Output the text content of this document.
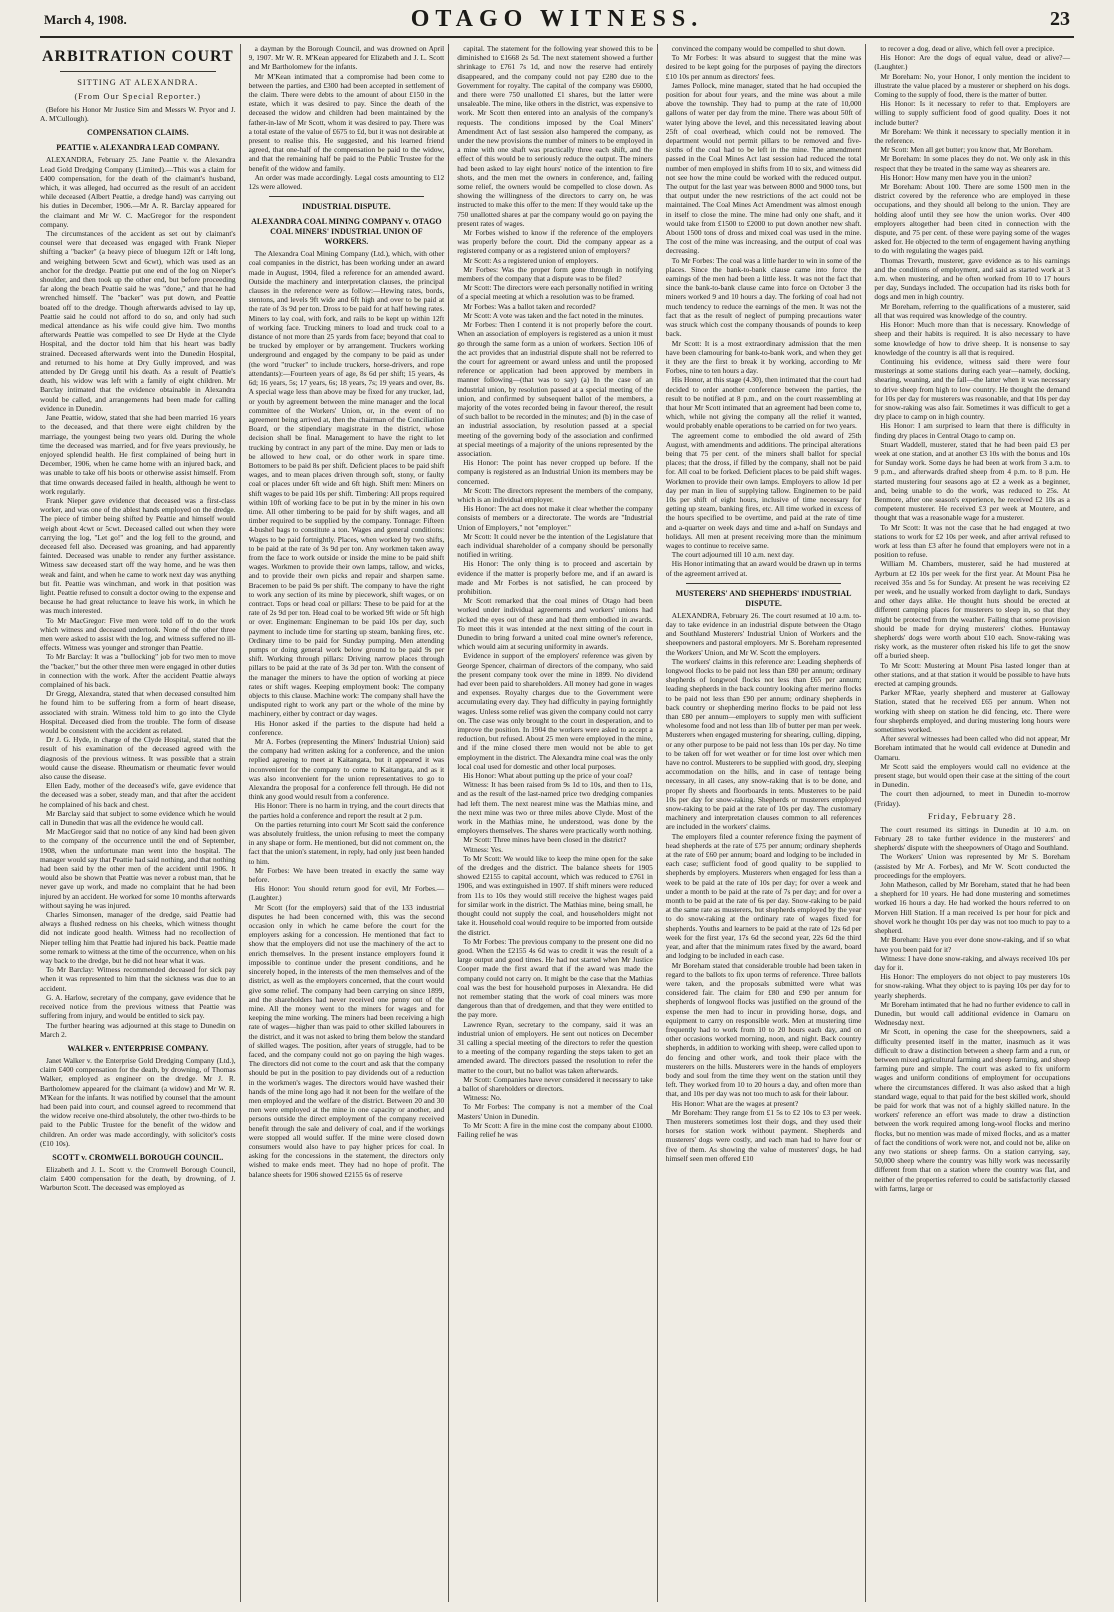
March 4, 1908.	OTAGO WITNESS.	23
ARBITRATION COURT
SITTING AT ALEXANDRA.
(From Our Special Reporter.)

(Before his Honor Mr Justice Sim and Messrs W. Pryor and J. A. M'Cullough).

COMPENSATION CLAIMS.
PEATTIE v. ALEXANDRA LEAD COMPANY.

ALEXANDRA, February 25. Jane Peattie v. the Alexandra Lead Gold Dredging Company (Limited).—This was a claim for £400 compensation, for the death of the claimant's husband, which, it was alleged, had occurred as the result of an accident while deceased (Albert Peattie, a dredge hand) was carrying out his duties in December, 1906.—Mr A. R. Barclay appeared for the claimant and Mr W. C. MacGregor for the respondent company.

The circumstances of the accident as set out by claimant's counsel were that deceased was engaged with Frank Nieper shifting a "backer" (a heavy piece of bluegum 12ft or 14ft long, and weighing between 5cwt and 6cwt), which was used as an anchor for the dredge. Peattie put one end of the log on Nieper's shoulder, and then took up the other end, but before proceeding far along the beach Peattie said he was "done," and that he had wrenched himself. The "backer" was put down, and Peattie boated off to the dredge. Though afterwards advised to lay up, Peattie said he could not afford to do so, and only had such medical attendance as his wife could give him. Two months afterwards Peattie was compelled to see Dr Hyde at the Clyde Hospital, and the doctor told him that his heart was badly strained. Deceased afterwards went into the Dunedin Hospital, and returned to his home at Dry Gully improved, and was attended by Dr Gregg until his death. As a result of Peattie's death, his widow was left with a family of eight children. Mr Barclay intimated that the evidence obtainable in Alexandra would be called, and arrangements had been made for calling evidence in Dunedin.

Jane Peattie, widow, stated that she had been married 16 years to the deceased, and that there were eight children by the marriage, the youngest being two years old. During the whole time the deceased was married, and for five years previously, he enjoyed splendid health. He first complained of being hurt in December, 1906, when he came home with an injured back, and was unable to take off his boots or otherwise assist himself. From that time onwards deceased failed in health, although he went to work regularly.

Frank Nieper gave evidence that deceased was a first-class worker, and was one of the ablest hands employed on the dredge. The piece of timber being shifted by Peattie and himself would weigh about 4cwt or 5cwt. Deceased called out when they were carrying the log, "Let go!" and the log fell to the ground, and deceased fell also. Deceased was groaning, and had apparently fainted. Deceased was unable to render any further assistance. Witness saw deceased start off the way home, and he was then weak and faint, and when he came to work next day was anything but fit. Peattie was winchman, and work in that position was light. Peattie refused to consult a doctor owing to the expense and because he had great reluctance to leave his work, in which he was much interested.

To Mr MacGregor: Five men were told off to do the work which witness and deceased undertook. None of the other three men were asked to assist with the log, and witness suffered no ill-effects. Witness was younger and stronger than Peattie.

To Mr Barclay: It was a "bullocking" job for two men to move the "backer," but the other three men were engaged in other duties in connection with the work. After the accident Peattie always complained of his back.

Dr Gregg, Alexandra, stated that when deceased consulted him he found him to be suffering from a form of heart disease, associated with strain. Witness told him to go into the Clyde Hospital. Deceased died from the trouble. The form of disease would be consistent with the accident as related.

Dr J. G. Hyde, in charge of the Clyde Hospital, stated that the result of his examination of the deceased agreed with the diagnosis of the previous witness. It was possible that a strain would cause the disease. Rheumatism or rheumatic fever would also cause the disease.

Ellen Eady, mother of the deceased's wife, gave evidence that the deceased was a sober, steady man, and that after the accident he complained of his back and chest.

Mr Barclay said that subject to some evidence which he would call in Dunedin that was all the evidence he would call.

Mr MacGregor said that no notice of any kind had been given to the company of the occurrence until the end of September, 1908, when the unfortunate man went into the hospital. The manager would say that Peattie had said nothing, and that nothing had been said by the other men of the accident until 1906. It would also be shown that Peattie was never a robust man, that he never gave up work, and made no complaint that he had been injured by an accident. He worked for some 10 months afterwards without saying he was injured.

Charles Simonsen, manager of the dredge, said Peattie had always a flushed redness on his cheeks, which witness thought did not indicate good health. Witness had no recollection of Nieper telling him that Peattie had injured his back. Peattie made some remark to witness at the time of the occurrence, when on his way back to the dredge, but he did not hear what it was.

To Mr Barclay: Witness recommended deceased for sick pay when it was represented to him that the sickness was due to an accident.

G. A. Harlow, secretary of the company, gave evidence that he received notice from the previous witness that Peattie was suffering from injury, and would be entitled to sick pay.

The further hearing was adjourned at this stage to Dunedin on March 2.

WALKER v. ENTERPRISE COMPANY.

Janet Walker v. the Enterprise Gold Dredging Company (Ltd.), claim £400 compensation for the death, by drowning, of Thomas Walker, employed as engineer on the dredge. Mr J. R. Bartholomew appeared for the claimant (a widow) and Mr W. R. M'Kean for the infants. It was notified by counsel that the amount had been paid into court, and counsel agreed to recommend that the widow receive one-third absolutely, the other two-thirds to be paid to the Public Trustee for the benefit of the widow and children. An order was made accordingly, with solicitor's costs (£10 10s).

SCOTT v. CROMWELL BOROUGH COUNCIL.

Elizabeth and J. L. Scott v. the Cromwell Borough Council, claim £400 compensation for the death, by drowning, of J. Warburton Scott. The deceased was employed as

a dayman by the Borough Council, and was drowned on April 9, 1907. Mr W. R. M'Kean appeared for Elizabeth and J. L. Scott and Mr Bartholomew for the infants.

Mr M'Kean intimated that a compromise had been come to between the parties, and £300 had been accepted in settlement of the claim. There were debts to the amount of about £150 in the estate, which it was desired to pay. Since the death of the deceased the widow and children had been maintained by the father-in-law of Mr Scott, whom it was desired to pay. There was a total estate of the value of £675 to £d, but it was not desirable at present to realise this. He suggested, and his learned friend agreed, that one-half of the compensation be paid to the widow, and that the remaining half be paid to the Public Trustee for the benefit of the widow and family.

An order was made accordingly. Legal costs amounting to £12 12s were allowed.

INDUSTRIAL DISPUTE.
ALEXANDRA COAL MINING COMPANY v. OTAGO COAL MINERS' INDUSTRIAL UNION OF WORKERS.

The Alexandra Coal Mining Company (Ltd.), which, with other coal companies in the district, has been working under an award made in August, 1904, filed a reference for an amended award. Outside the machinery and interpretation clauses, the principal clauses in the reference were as follow:—Hewing rates, bords, stentons, and levels 9ft wide and 6ft high and over to be paid at the rate of 3s 9d per ton. Dross to be paid for at half hewing rates. Miners to lay coal, with fork, and rails to be kept up within 12ft of working face. Trucking miners to load and truck coal to a distance of not more than 25 yards from face; beyond that coal to be trucked by employer or by arrangement. Truckers working underground and engaged by the company to be paid as under (the word "trucker" to include truckers, horse-drivers, and rope attendants):—Fourteen years of age, 8s 6d per shift; 15 years, 4s 6d; 16 years, 5s; 17 years, 6s; 18 years, 7s; 19 years and over, 8s. A special wage less than above may be fixed for any trucker, lad, or youth by agreement between the mine manager and the local committee of the Workers' Union, or, in the event of no agreement being arrived at, then the chairman of the Conciliation Board, or the stipendiary magistrate in the district, whose decision shall be final. Management to have the right to let trucking by contract in any part of the mine. Day men or lads to be allowed to hew coal, or do other work in spare time. Bottomers to be paid 8s per shift. Deficient places to be paid shift wages, and to mean places driven through soft, stony, or faulty coal or places under 6ft wide and 6ft high. Shift men: Miners on shift wages to be paid 10s per shift. Timbering: All props required within 10ft of working face to be put in by the miner in his own time. All other timbering to be paid for by shift wages, and all timber required to be supplied by the company. Tonnage: Fifteen 4-bushel bags to constitute a ton. Wages and general conditions: Wages to be paid fortnightly. Places, when worked by two shifts, to be paid at the rate of 3s 9d per ton. Any workmen taken away from the face to work outside or inside the mine to be paid shift wages. Workmen to provide their own lamps, tallow, and wicks, and to provide their own picks and repair and sharpen same. Bracemen to be paid 9s per shift. The company to have the right to work any section of its mine by piecework, shift wages, or on contract. Tops or head coal or pillars: These to be paid for at the rate of 2s 9d per ton. Head coal to be worked 9ft wide or 5ft high or over. Engineman: Engineman to be paid 10s per day, such payment to include time for starting up steam, banking fires, etc. Ordinary time to be paid for Sunday pumping. Men attending pumps or doing general work below ground to be paid 9s per shift. Working through pillars: Driving narrow places through pillars to be paid at the rate of 3s 3d per ton. With the consent of the manager the miners to have the option of working at piece rates or shift wages. Keeping employment book: The company objects to this clause. Machine work: The company shall have the undisputed right to work any part or the whole of the mine by machinery, either by contract or day wages.

His Honor asked if the parties to the dispute had held a conference.

Mr A. Forbes (representing the Miners' Industrial Union) said the company had written asking for a conference, and the union replied agreeing to meet at Kaitangata, but it appeared it was inconvenient for the company to come to Kaitangata, and as it was also inconvenient for the union representatives to go to Alexandra the proposal for a conference fell through. He did not think any good would result from a conference.

His Honor: There is no harm in trying, and the court directs that the parties hold a conference and report the result at 2 p.m.

On the parties returning into court Mr Scott said the conference was absolutely fruitless, the union refusing to meet the company in any shape or form. He mentioned, but did not comment on, the fact that the union's statement, in reply, had only just been handed to him.

Mr Forbes: We have been treated in exactly the same way before.

His Honor: You should return good for evil, Mr Forbes.—(Laughter.)

Mr Scott (for the employers) said that of the 133 industrial disputes he had been concerned with, this was the second occasion only in which he came before the court for the employers asking for a concession. He mentioned that fact to show that the employers did not use the machinery of the act to enrich themselves. In the present instance employers found it impossible to continue under the present conditions, and he sincerely hoped, in the interests of the men themselves and of the district, as well as the employers concerned, that the court would give some relief. The company had been carrying on since 1899, and the shareholders had never received one penny out of the mine. All the money went to the miners for wages and for keeping the mine working. The miners had been receiving a high rate of wages—higher than was paid to other skilled labourers in the district, and it was not asked to bring them below the standard of skilled wages. The position, after years of struggle, had to be faced, and the company could not go on paying the high wages. The directors did not come to the court and ask that the company should be put in the position to pay dividends out of a reduction in the workmen's wages. The directors would have washed their hands of the mine long ago had it not been for the welfare of the men employed and the welfare of the district. Between 20 and 30 men were employed at the mine in one capacity or another, and persons outside the direct employment of the company received benefit through the sale and delivery of coal, and if the workings were stopped all would suffer. If the mine were closed down consumers would also have to pay higher prices for coal. In asking for the concessions in the statement, the directors only wished to make ends meet. They had no hope of profit. The balance sheets for 1906 showed £2155 6s of reserve

capital. The statement for the following year showed this to be diminished to £1668 2s 5d. The next statement showed a further shrinkage to £761 7s 1d, and now the reserve had entirely disappeared, and the company could not pay £280 due to the Government for royalty. The capital of the company was £6000, and there were 750 unallotted £1 shares, but the latter were unsaleable. The mine, like others in the district, was expensive to work. Mr Scott then entered into an analysis of the company's requests. The conditions imposed by the Coal Miners' Amendment Act of last session also hampered the company, as under the new provisions the number of miners to be employed in a mine with one shaft was practically three each shift, and the effect of this would be to seriously reduce the output. The miners had been asked to lay eight hours' notice of the intention to fire shots, and the men met the owners in conference, and, failing some relief, the owners would be compelled to close down. As showing the willingness of the directors to carry on, he was instructed to make this offer to the men: If they would take up the 750 unallotted shares at par the company would go on paying the present rates of wages.

Mr Forbes wished to know if the reference of the employers was properly before the court. Did the company appear as a registered company or as a registered union of employers?

Mr Scott: As a registered union of employers.

Mr Forbes: Was the proper form gone through in notifying members of the company that a dispute was to be filed?

Mr Scott: The directors were each personally notified in writing of a special meeting at which a resolution was to be framed.

Mr Forbes: Was a ballot taken and recorded?

Mr Scott: A vote was taken and the fact noted in the minutes.

Mr Forbes: Then I contend it is not properly before the court. When an association of employers is registered as a union it must go through the same form as a union of workers. Section 106 of the act provides that an industrial dispute shall not be referred to the court for agreement or award unless and until the proposed reference or application had been approved by members in manner following—(that was to say) (a) In the case of an industrial union, by resolution passed at a special meeting of the union, and confirmed by subsequent ballot of the members, a majority of the votes recorded being in favour thereof, the result of such ballot to be recorded in the minutes; and (b) in the case of an industrial association, by resolution passed at a special meeting of the governing body of the association and confirmed at special meetings of a majority of the unions represented by the association.

His Honor: The point has never cropped up before. If the company is registered as an Industrial Union its members may be concerned.

Mr Scott: The directors represent the members of the company, which is an individual employer.

His Honor: The act does not make it clear whether the company consists of members or a directorate. The words are "Industrial Union of Employers," not "employer."

Mr Scott: It could never be the intention of the Legislature that each individual shareholder of a company should be personally notified in writing.

His Honor: The only thing is to proceed and ascertain by evidence if the matter is properly before me, and if an award is made and Mr Forbes is not satisfied, he can proceed by prohibition.

Mr Scott remarked that the coal mines of Otago had been worked under individual agreements and workers' unions had picked the eyes out of these and had them embodied in awards. To meet this it was intended at the next sitting of the court in Dunedin to bring forward a united coal mine owner's reference, which would aim at securing uniformity in awards.

Evidence in support of the employers' reference was given by George Spencer, chairman of directors of the company, who said the present company took over the mine in 1899. No dividend had ever been paid to shareholders. All money had gone in wages and expenses. Royalty charges due to the Government were accumulating every day. They had difficulty in paying fortnightly wages. Unless some relief was given the company could not carry on. The case was only brought to the court in desperation, and to improve the position. In 1904 the workers were asked to accept a reduction, but refused. About 25 men were employed in the mine, and if the mine closed there men would not be able to get employment in the district. The Alexandra mine coal was the only local coal used for domestic and other local purposes.

His Honor: What about putting up the price of your coal?

Witness: It has been raised from 9s 1d to 10s, and then to 11s, and as the result of the last-named price two dredging companies had left them. The next nearest mine was the Mathias mine, and the next mine was two or three miles above Clyde. Most of the work in the Mathias mine, he understood, was done by the employers themselves. The shares were practically worth nothing.

Mr Scott: Three mines have been closed in the district?

Witness: Yes.

To Mr Scott: We would like to keep the mine open for the sake of the dredges and the district. The balance sheets for 1905 showed £2155 to capital account, which was reduced to £761 in 1906, and was extinguished in 1907. If shift miners were reduced from 11s to 10s they would still receive the highest wages paid for similar work in the district. The Mathias mine, being small, he thought could not supply the coal, and householders might not take it. Household coal would require to be imported from outside the district.

To Mr Forbes: The previous company to the present one did no good. When the £2155 4s 6d was to credit it was the result of a large output and good times. He had not started when Mr Justice Cooper made the first award that if the award was made the company could not carry on. It might be the case that the Mathias coal was the best for household purposes in Alexandra. He did not remember stating that the work of coal miners was more dangerous than that of dredgemen, and that they were entitled to the pay more.

Lawrence Ryan, secretary to the company, said it was an industrial union of employers. He sent out notices on December 31 calling a special meeting of the directors to refer the question to a meeting of the company regarding the steps taken to get an amended award. The directors passed the resolution to refer the matter to the court, but no ballot was taken afterwards.

Mr Scott: Companies have never considered it necessary to take a ballot of shareholders or directors.

Witness: No.

To Mr Forbes: The company is not a member of the Coal Masters' Union in Dunedin.

To Mr Scott: A fire in the mine cost the company about £1000. Failing relief he was

convinced the company would be compelled to shut down.

To Mr Forbes: It was absurd to suggest that the mine was desired to be kept going for the purposes of paying the directors £10 10s per annum as directors' fees.

James Pollock, mine manager, stated that he had occupied the position for about four years, and the mine was about a mile above the township. They had to pump at the rate of 10,000 gallons of water per day from the mine. There was about 50ft of water lying above the level, and this necessitated leaving about 25ft of coal overhead, which could not be removed. The department would not permit pillars to be removed and five-sixths of the coal had to be left in the mine. The amendment passed in the Coal Mines Act last session had reduced the total number of men employed in shifts from 10 to six, and witness did not see how the mine could be worked with the reduced output. The output for the last year was between 8000 and 9000 tons, but that output under the new restrictions of the act could not be maintained. The Coal Mines Act Amendment was almost enough in itself to close the mine. The mine had only one shaft, and it would take from £1500 to £2000 to put down another new shaft. About 1500 tons of dross and mixed coal was used in the mine. The cost of the mine was increasing, and the output of coal was decreasing.

To Mr Forbes: The coal was a little harder to win in some of the places. Since the bank-to-bank clause came into force the earnings of the men had been a little less. It was not the fact that since the bank-to-bank clause came into force on October 3 the miners worked 9 and 10 hours a day. The forking of coal had not much tendency to reduce the earnings of the men. It was not the fact that as the result of neglect of pumping precautions water was struck which cost the company thousands of pounds to keep back.

Mr Scott: It is a most extraordinary admission that the men have been clamouring for bank-to-bank work, and when they get it they are the first to break it by working, according to Mr Forbes, nine to ten hours a day.

His Honor, at this stage (4.30), then intimated that the court had decided to order another conference between the parties, the result to be notified at 8 p.m., and on the court reassembling at that hour Mr Scott intimated that an agreement had been come to, which, while not giving the company all the relief it wanted, would probably enable operations to be carried on for two years.

The agreement come to embodied the old award of 25th August, with amendments and additions. The principal alterations being that 75 per cent. of the miners shall ballot for special places; that the dross, if filled by the company, shall not be paid for. All coal to be forked. Deficient places to be paid shift wages. Workmen to provide their own lamps. Employers to allow 1d per day per man in lieu of supplying tallow. Enginemen to be paid 10s per shift of eight hours, inclusive of time necessary for getting up steam, banking fires, etc. All time worked in excess of the hours specified to be overtime, and paid at the rate of time and a-quarter on week days and time and a-half on Sundays and holidays. All men at present receiving more than the minimum wages to continue to receive same.

The court adjourned till 10 a.m. next day.

His Honor intimating that an award would be drawn up in terms of the agreement arrived at.

MUSTERERS' AND SHEPHERDS' INDUSTRIAL DISPUTE.

ALEXANDRA, February 26. The court resumed at 10 a.m. to-day to take evidence in an industrial dispute between the Otago and Southland Musterers' Industrial Union of Workers and the sheepowners and pastoral employers. Mr S. Boreham represented the Workers' Union, and Mr W. Scott the employers.

The workers' claims in this reference are: Leading shepherds of longwool flocks to be paid not less than £80 per annum; ordinary shepherds of longwool flocks not less than £65 per annum; leading shepherds in the back country looking after merino flocks to be paid not less than £90 per annum; ordinary shepherds in back country or shepherding merino flocks to be paid not less than £80 per annum—employers to supply men with sufficient wholesome food and not less than 1lb of butter per man per week. Musterers when engaged mustering for shearing, culling, dipping, or any other purpose to be paid not less than 10s per day. No time to be taken off for wet weather or for time lost over which men have no control. Musterers to be supplied with good, dry, sleeping accommodation on the hills, and in case of tentage being necessary, in all cases, any snow-raking that is to be done, and proper fly sheets and floorboards in tents. Musterers to be paid 10s per day for snow-raking. Shepherds or musterers employed snow-raking to be paid at the rate of 10s per day. The customary machinery and interpretation clauses common to all references are included in the workers' claims.

The employers filed a counter reference fixing the payment of head shepherds at the rate of £75 per annum; ordinary shepherds at the rate of £60 per annum; board and lodging to be included in each case; sufficient food of good quality to be supplied to shepherds by employers. Musterers when engaged for less than a week to be paid at the rate of 10s per day; for over a week and under a month to be paid at the rate of 7s per day; and for over a month to be paid at the rate of 6s per day. Snow-raking to be paid at the same rate as musterers, but shepherds employed by the year to do snow-raking at the ordinary rate of wages fixed for shepherds. Youths and learners to be paid at the rate of 12s 6d per week for the first year, 17s 6d the second year, 22s 6d the third year, and after that the minimum rates fixed by the award, board and lodging to be included in each case.

Mr Boreham stated that considerable trouble had been taken in regard to the ballots to fix upon terms of reference. Three ballots were taken, and the proposals submitted were what was considered fair. The claim for £80 and £90 per annum for shepherds of longwool flocks was justified on the ground of the expense the men had to incur in providing horse, dogs, and equipment to carry on responsible work. Men at mustering time frequently had to work from 10 to 20 hours each day, and on other occasions worked morning, noon, and night. Back country shepherds, in addition to working with sheep, were called upon to do fencing and other work, and took their place with the musterers on the hills. Musterers were in the hands of employers body and soul from the time they went on the station until they left. They worked from 10 to 20 hours a day, and often more than that, and 10s per day was not too much to ask for their labour.

His Honor: What are the wages at present?

Mr Boreham: They range from £1 5s to £2 10s to £3 per week. Then musterers sometimes lost their dogs, and they used their horses for station work without payment. Shepherds and musterers' dogs were costly, and each man had to have four or five of them. As showing the value of musterers' dogs, he had himself seen men offered £10

to recover a dog, dead or alive, which fell over a precipice.

His Honor: Are the dogs of equal value, dead or alive?—(Laughter.)

Mr Boreham: No, your Honor, I only mention the incident to illustrate the value placed by a musterer or shepherd on his dogs. Coming to the supply of food, there is the matter of butter.

His Honor: Is it necessary to refer to that. Employers are willing to supply sufficient food of good quality. Does it not include butter?

Mr Boreham: We think it necessary to specially mention it in the reference.

Mr Scott: Men all get butter; you know that, Mr Boreham.

Mr Boreham: In some places they do not. We only ask in this respect that they be treated in the same way as shearers are.

His Honor: How many men have you in the union?

Mr Boreham: About 100. There are some 1500 men in the district covered by the reference who are employed in these occupations, and they should all belong to the union. They are holding aloof until they see how the union works. Over 400 employers altogether had been cited in connection with the dispute, and 75 per cent. of these were paying some of the wages asked for. He objected to the term of engagement having anything to do with regulating the wages paid.

Thomas Trevarth, musterer, gave evidence as to his earnings and the conditions of employment, and said as started work at 3 a.m. when mustering, and he often worked from 10 to 17 hours per day, Sundays included. The occupation had its risks both for dogs and men in high country.

Mr Boreham, referring to the qualifications of a musterer, said all that was required was knowledge of the country.

His Honor: Much more than that is necessary. Knowledge of sheep and their habits is required. It is also necessary to have some knowledge of how to drive sheep. It is nonsense to say knowledge of the country is all that is required.

Continuing his evidence, witness said there were four musterings at some stations during each year—namely, docking, shearing, weaning, and the fall—the latter when it was necessary to drive sheep from high to low country. He thought the demand for 10s per day for musterers was reasonable, and that 10s per day for snow-raking was also fair. Sometimes it was difficult to get a dry place to camp on in high country.

His Honor: I am surprised to learn that there is difficulty in finding dry places in Central Otago to camp on.

Stuart Waddell, musterer, stated that he had been paid £3 per week at one station, and at another £3 10s with the bonus and 10s for Sunday work. Some days he had been at work from 3 a.m. to 9 p.m., and afterwards drafted sheep from 4 p.m. to 8 p.m. He started mustering four seasons ago at £2 a week as a beginner, and, being unable to do the work, was reduced to 25s. At Benmore, after one season's experience, he received £2 10s as a competent musterer. He received £3 per week at Moutere, and thought that was a reasonable wage for a musterer.

To Mr Scott: It was not the case that he had engaged at two stations to work for £2 10s per week, and after arrival refused to work at less than £3 after he found that employers were not in a position to refuse.

William M. Chambers, musterer, said he had mustered at Ayrburn at £2 10s per week for the first year. At Mount Pisa he received 35s and 5s for Sunday. At present he was receiving £2 per week, and he usually worked from daylight to dark, Sundays and other days alike. He thought huts should be erected at different camping places for musterers to sleep in, so that they might be protected from the weather. Failing that some provision should be made for drying musterers' clothes. Huntaway shepherds' dogs were worth about £10 each. Snow-raking was risky work, as the musterer often risked his life to get the snow off a buried sheep.

To Mr Scott: Mustering at Mount Pisa lasted longer than at other stations, and at that station it would be possible to have huts erected at camping grounds.

Parker M'Rae, yearly shepherd and musterer at Galloway Station, stated that he received £65 per annum. When not working with sheep on station he did fencing, etc. There were four shepherds employed, and during mustering long hours were sometimes worked.

After several witnesses had been called who did not appear, Mr Boreham intimated that he would call evidence at Dunedin and Oamaru.

Mr Scott said the employers would call no evidence at the present stage, but would open their case at the sitting of the court in Dunedin.

The court then adjourned, to meet in Dunedin to-morrow (Friday).

Friday, February 28.

The court resumed its sittings in Dunedin at 10 a.m. on February 28 to take further evidence in the musterers' and shepherds' dispute with the sheepowners of Otago and Southland.

The Workers' Union was represented by Mr S. Boreham (assisted by Mr A. Forbes), and Mr W. Scott conducted the proceedings for the employers.

John Matheson, called by Mr Boreham, stated that he had been a shepherd for 10 years. He had done mustering and sometimes worked 16 hours a day. He had worked the hours referred to on Morven Hill Station. If a man received 1s per hour for pick and shovel work he thought 10s per day was not too much to pay to a shepherd.

Mr Boreham: Have you ever done snow-raking, and if so what have you been paid for it?

Witness: I have done snow-raking, and always received 10s per day for it.

His Honor: The employers do not object to pay musterers 10s for snow-raking. What they object to is paying 10s per day for to yearly shepherds.

Mr Boreham intimated that he had no further evidence to call in Dunedin, but would call additional evidence in Oamaru on Wednesday next.

Mr Scott, in opening the case for the sheepowners, said a difficulty presented itself in the matter, inasmuch as it was difficult to draw a distinction between a sheep farm and a run, or between mixed agricultural farming and sheep farming, and sheep farming pure and simple. The court was asked to fix uniform wages and uniform conditions of employment for occupations where the circumstances differed. It was also asked that a high standard wage, equal to that paid for the best skilled work, should be paid for work that was not of a highly skilled nature. In the workers' reference an effort was made to draw a distinction between the work required among long-wool flocks and merino flocks, but no mention was made of mixed flocks, and as a matter of fact the conditions of work were not, and could not be, alike on any two stations or sheep farms. On a station carrying, say, 50,000 sheep where the country was hilly work was necessarily different from that on a station where the country was flat, and neither of the properties referred to could be satisfactorily classed with farms, large or
